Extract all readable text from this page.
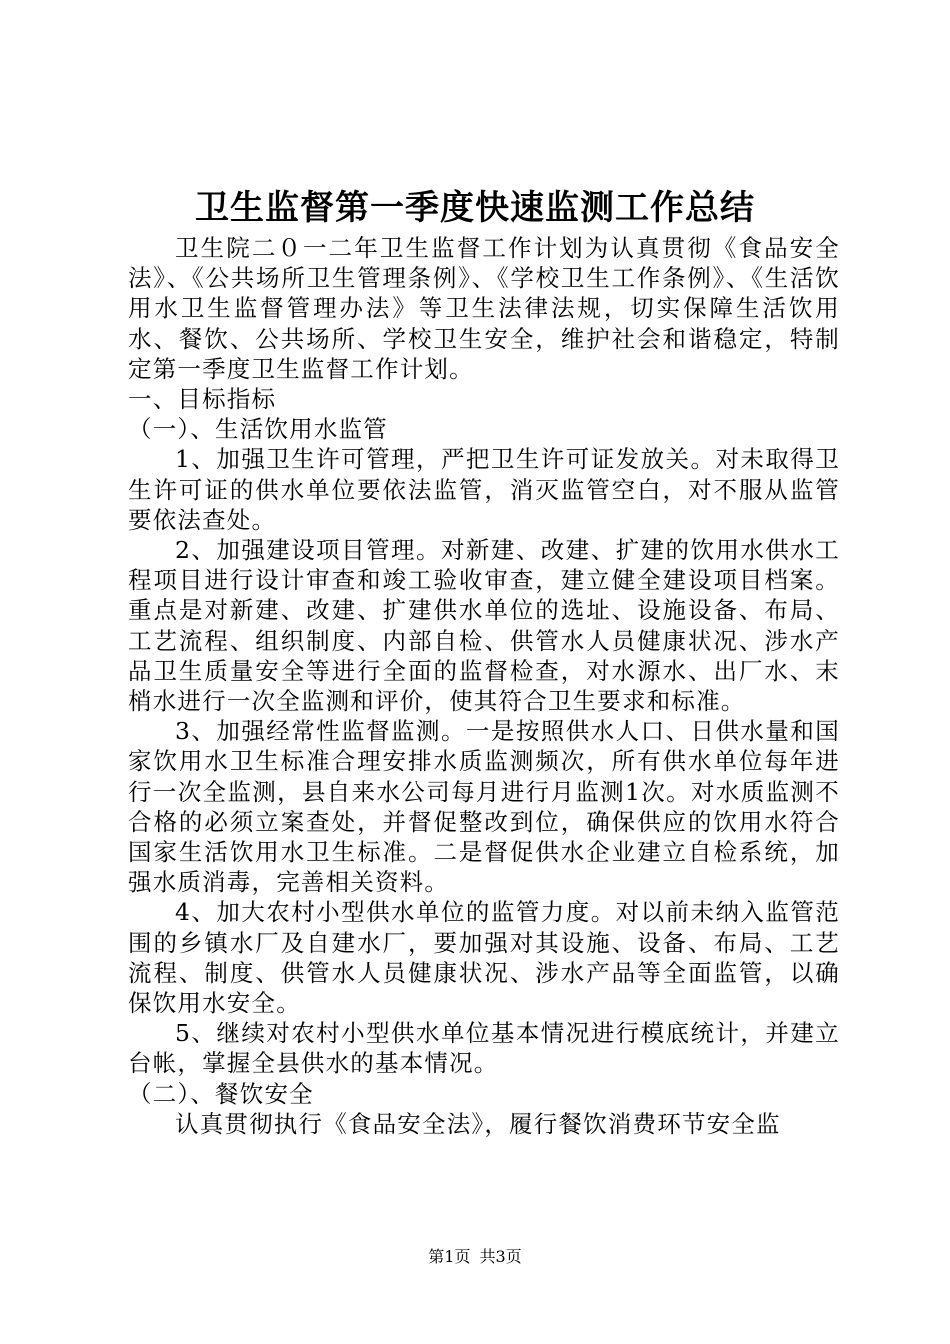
卫生监督第一季度快速监测工作总结

卫生院二０一二年卫生监督工作计划为认真贯彻《食品安全法》、《公共场所卫生管理条例》、《学校卫生工作条例》、《生活饮用水卫生监督管理办法》等卫生法律法规，切实保障生活饮用水、餐饮、公共场所、学校卫生安全，维护社会和谐稳定，特制定第一季度卫生监督工作计划。

一、目标指标

（一）、生活饮用水监管

1、加强卫生许可管理，严把卫生许可证发放关。对未取得卫生许可证的供水单位要依法监管，消灭监管空白，对不服从监管要依法查处。

2、加强建设项目管理。对新建、改建、扩建的饮用水供水工程项目进行设计审查和竣工验收审查，建立健全建设项目档案。重点是对新建、改建、扩建供水单位的选址、设施设备、布局、工艺流程、组织制度、内部自检、供管水人员健康状况、涉水产品卫生质量安全等进行全面的监督检查，对水源水、出厂水、末梢水进行一次全监测和评价，使其符合卫生要求和标准。

3、加强经常性监督监测。一是按照供水人口、日供水量和国家饮用水卫生标准合理安排水质监测频次，所有供水单位每年进行一次全监测，县自来水公司每月进行月监测1次。对水质监测不合格的必须立案查处，并督促整改到位，确保供应的饮用水符合国家生活饮用水卫生标准。二是督促供水企业建立自检系统，加强水质消毒，完善相关资料。

4、加大农村小型供水单位的监管力度。对以前未纳入监管范围的乡镇水厂及自建水厂，要加强对其设施、设备、布局、工艺流程、制度、供管水人员健康状况、涉水产品等全面监管，以确保饮用水安全。

5、继续对农村小型供水单位基本情况进行模底统计，并建立台帐，掌握全县供水的基本情况。

（二）、餐饮安全

认真贯彻执行《食品安全法》，履行餐饮消费环节安全监

第1页 共3页
